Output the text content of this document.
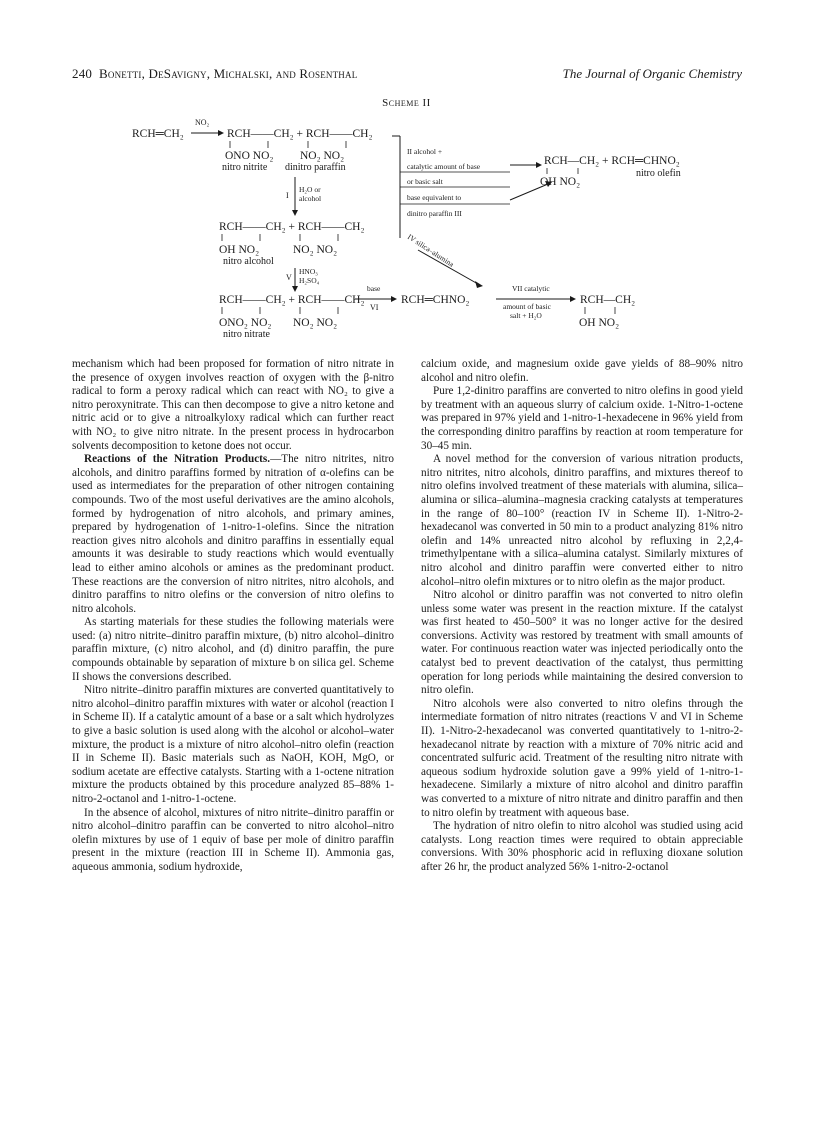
240 Bonetti, DeSavigny, Michalski, and Rosenthal	The Journal of Organic Chemistry
Scheme II
NO₂
RCH═CH₂	RCH——CH₂ + RCH——CH₂
ONO NO₂ NO₂ NO₂
nitro nitrite dinitro paraffin
II alcohol +
catalytic amount of base
or basic salt
base equivalent to
dinitro paraffin III
RCH—CH₂ + RCH═CHNO₂
OH NO₂
nitro olefin
I
H₂O or
alcohol
RCH——CH₂ + RCH——CH₂
OH NO₂	NO₂ NO₂
nitro alcohol	IV silica–alumina
V
HNO₃
H₂SO₄
RCH——CH₂ + RCH——CH₂
ONO₂ NO₂ NO₂ NO₂
nitro nitrate
base
VI
RCH═CHNO₂
VII catalytic
amount of basic
salt + H₂O
RCH—CH₂
OH NO₂

mechanism which had been proposed for formation of nitro nitrate in the presence of oxygen involves reaction of oxygen with the β-nitro radical to form a peroxy radical which can react with NO₂ to give a nitro peroxynitrate. This can then decompose to give a nitro ketone and nitric acid or to give a nitroalkyloxy radical which can further react with NO₂ to give nitro nitrate. In the present process in hydrocarbon solvents decomposition to ketone does not occur.

Reactions of the Nitration Products.—The nitro nitrites, nitro alcohols, and dinitro paraffins formed by nitration of α-olefins can be used as intermediates for the preparation of other nitrogen containing compounds. Two of the most useful derivatives are the amino alcohols, formed by hydrogenation of nitro alcohols, and primary amines, prepared by hydrogenation of 1-nitro-1-olefins. Since the nitration reaction gives nitro alcohols and dinitro paraffins in essentially equal amounts it was desirable to study reactions which would eventually lead to either amino alcohols or amines as the predominant product. These reactions are the conversion of nitro nitrites, nitro alcohols, and dinitro paraffins to nitro olefins or the conversion of nitro olefins to nitro alcohols.

As starting materials for these studies the following materials were used: (a) nitro nitrite–dinitro paraffin mixture, (b) nitro alcohol–dinitro paraffin mixture, (c) nitro alcohol, and (d) dinitro paraffin, the pure compounds obtainable by separation of mixture b on silica gel. Scheme II shows the conversions described.

Nitro nitrite–dinitro paraffin mixtures are converted quantitatively to nitro alcohol–dinitro paraffin mixtures with water or alcohol (reaction I in Scheme II). If a catalytic amount of a base or a salt which hydrolyzes to give a basic solution is used along with the alcohol or alcohol–water mixture, the product is a mixture of nitro alcohol–nitro olefin (reaction II in Scheme II). Basic materials such as NaOH, KOH, MgO, or sodium acetate are effective catalysts. Starting with a 1-octene nitration mixture the products obtained by this procedure analyzed 85–88% 1-nitro-2-octanol and 1-nitro-1-octene.

In the absence of alcohol, mixtures of nitro nitrite–dinitro paraffin or nitro alcohol–dinitro paraffin can be converted to nitro alcohol–nitro olefin mixtures by use of 1 equiv of base per mole of dinitro paraffin present in the mixture (reaction III in Scheme II). Ammonia gas, aqueous ammonia, sodium hydroxide,

calcium oxide, and magnesium oxide gave yields of 88–90% nitro alcohol and nitro olefin.

Pure 1,2-dinitro paraffins are converted to nitro olefins in good yield by treatment with an aqueous slurry of calcium oxide. 1-Nitro-1-octene was prepared in 97% yield and 1-nitro-1-hexadecene in 96% yield from the corresponding dinitro paraffins by reaction at room temperature for 30–45 min.

A novel method for the conversion of various nitration products, nitro nitrites, nitro alcohols, dinitro paraffins, and mixtures thereof to nitro olefins involved treatment of these materials with alumina, silica–alumina or silica–alumina–magnesia cracking catalysts at temperatures in the range of 80–100° (reaction IV in Scheme II). 1-Nitro-2-hexadecanol was converted in 50 min to a product analyzing 81% nitro olefin and 14% unreacted nitro alcohol by refluxing in 2,2,4-trimethylpentane with a silica–alumina catalyst. Similarly mixtures of nitro alcohol and dinitro paraffin were converted either to nitro alcohol–nitro olefin mixtures or to nitro olefin as the major product.

Nitro alcohol or dinitro paraffin was not converted to nitro olefin unless some water was present in the reaction mixture. If the catalyst was first heated to 450–500° it was no longer active for the desired conversions. Activity was restored by treatment with small amounts of water. For continuous reaction water was injected periodically onto the catalyst bed to prevent deactivation of the catalyst, thus permitting operation for long periods while maintaining the desired conversion to nitro olefin.

Nitro alcohols were also converted to nitro olefins through the intermediate formation of nitro nitrates (reactions V and VI in Scheme II). 1-Nitro-2-hexadecanol was converted quantitatively to 1-nitro-2-hexadecanol nitrate by reaction with a mixture of 70% nitric acid and concentrated sulfuric acid. Treatment of the resulting nitro nitrate with aqueous sodium hydroxide solution gave a 99% yield of 1-nitro-1-hexadecene. Similarly a mixture of nitro alcohol and dinitro paraffin was converted to a mixture of nitro nitrate and dinitro paraffin and then to nitro olefin by treatment with aqueous base.

The hydration of nitro olefin to nitro alcohol was studied using acid catalysts. Long reaction times were required to obtain appreciable conversions. With 30% phosphoric acid in refluxing dioxane solution after 26 hr, the product analyzed 56% 1-nitro-2-octanol
